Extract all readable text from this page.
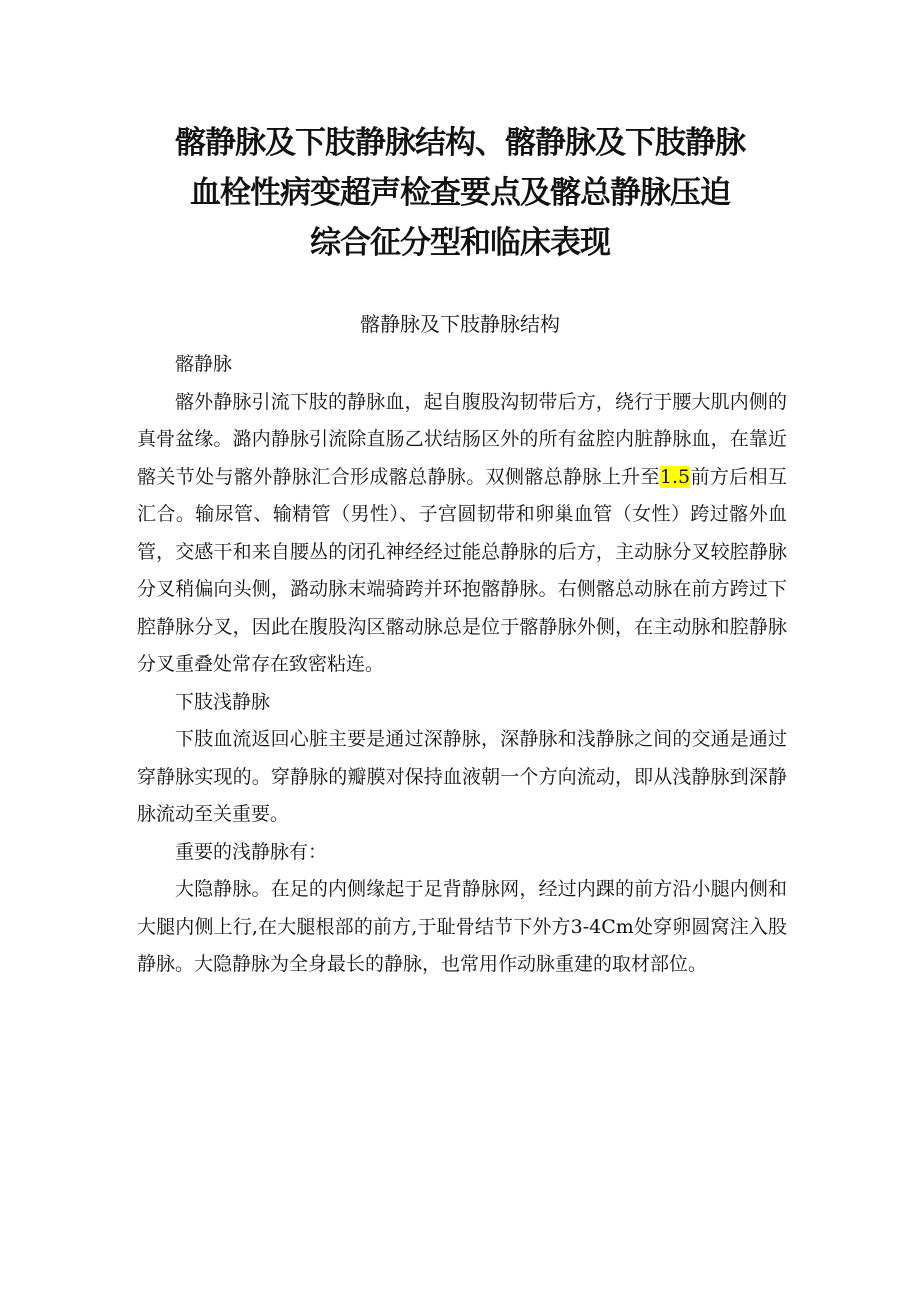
髂静脉及下肢静脉结构、髂静脉及下肢静脉
血栓性病变超声检查要点及髂总静脉压迫
综合征分型和临床表现
髂静脉及下肢静脉结构

髂静脉

髂外静脉引流下肢的静脉血，起自腹股沟韧带后方，绕行于腰大肌内侧的真骨盆缘。潞内静脉引流除直肠乙状结肠区外的所有盆腔内脏静脉血，在靠近髂关节处与髂外静脉汇合形成髂总静脉。双侧髂总静脉上升至1.5前方后相互汇合。输尿管、输精管（男性）、子宫圆韧带和卵巢血管（女性）跨过髂外血管，交感干和来自腰丛的闭孔神经经过能总静脉的后方，主动脉分叉较腔静脉分叉稍偏向头侧，潞动脉末端骑跨并环抱髂静脉。右侧髂总动脉在前方跨过下腔静脉分叉，因此在腹股沟区髂动脉总是位于髂静脉外侧，在主动脉和腔静脉分叉重叠处常存在致密粘连。

下肢浅静脉

下肢血流返回心脏主要是通过深静脉，深静脉和浅静脉之间的交通是通过穿静脉实现的。穿静脉的瓣膜对保持血液朝一个方向流动，即从浅静脉到深静脉流动至关重要。

重要的浅静脉有：

大隐静脉。在足的内侧缘起于足背静脉网，经过内踝的前方沿小腿内侧和大腿内侧上行,在大腿根部的前方,于耻骨结节下外方3-4Cm处穿卵圆窝注入股静脉。大隐静脉为全身最长的静脉，也常用作动脉重建的取材部位。
